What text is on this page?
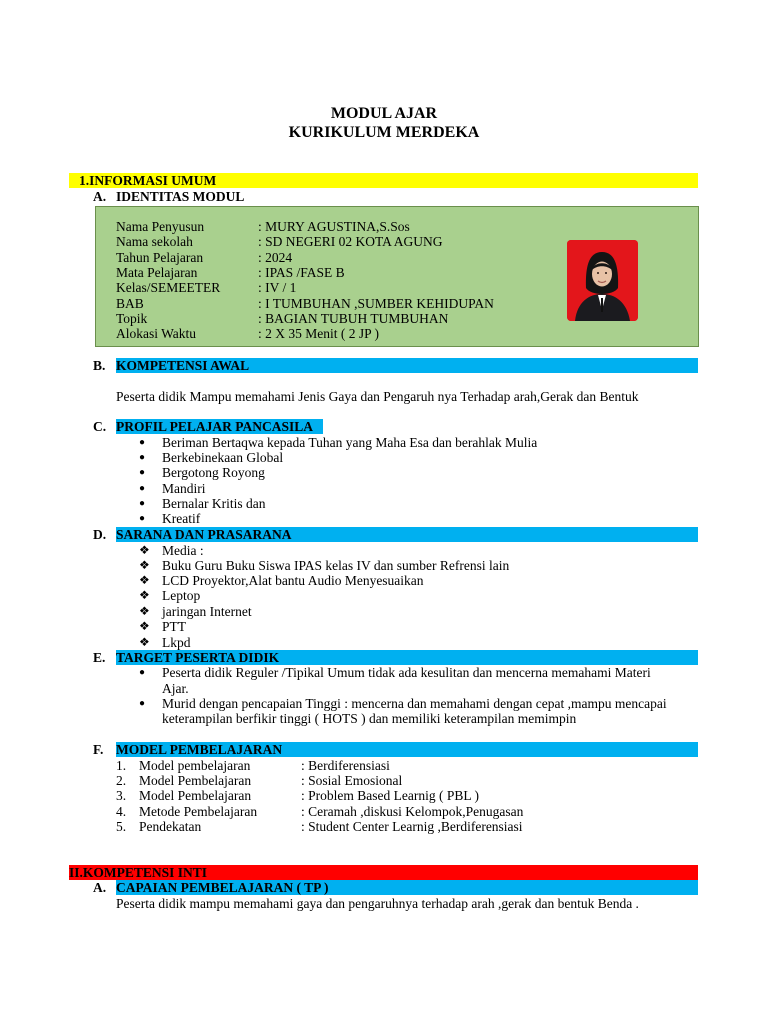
MODUL AJAR
KURIKULUM MERDEKA
1.INFORMASI UMUM
A. IDENTITAS MODUL
Nama Penyusun	: MURY AGUSTINA,S.Sos
Nama sekolah	: SD NEGERI 02 KOTA AGUNG
Tahun Pelajaran	: 2024
Mata Pelajaran	: IPAS /FASE B
Kelas/SEMEETER	: IV / 1
BAB	: I TUMBUHAN ,SUMBER KEHIDUPAN
Topik	: BAGIAN TUBUH TUMBUHAN
Alokasi Waktu	: 2 X 35 Menit ( 2 JP )
B. KOMPETENSI AWAL
Peserta didik Mampu memahami Jenis Gaya dan Pengaruh nya Terhadap arah,Gerak dan Bentuk
C. PROFIL PELAJAR PANCASILA
● Beriman Bertaqwa kepada Tuhan yang Maha Esa dan berahlak Mulia
● Berkebinekaan Global
● Bergotong Royong
● Mandiri
● Bernalar Kritis dan
● Kreatif
D. SARANA DAN PRASARANA
❖ Media :
❖ Buku Guru Buku Siswa IPAS kelas IV dan sumber Refrensi lain
❖ LCD Proyektor,Alat bantu Audio Menyesuaikan
❖ Leptop
❖ jaringan Internet
❖ PTT
❖ Lkpd
E. TARGET PESERTA DIDIK
● Peserta didik Reguler /Tipikal Umum tidak ada kesulitan dan mencerna memahami Materi
Ajar.
● Murid dengan pencapaian Tinggi : mencerna dan memahami dengan cepat ,mampu mencapai
keterampilan berfikir tinggi ( HOTS ) dan memiliki keterampilan memimpin
F. MODEL PEMBELAJARAN
1. Model pembelajaran	: Berdiferensiasi
2. Model Pembelajaran	: Sosial Emosional
3. Model Pembelajaran	: Problem Based Learnig ( PBL )
4. Metode Pembelajaran	: Ceramah ,diskusi Kelompok,Penugasan
5. Pendekatan	: Student Center Learnig ,Berdiferensiasi
II.KOMPETENSI INTI
A. CAPAIAN PEMBELAJARAN ( TP )
Peserta didik mampu memahami gaya dan pengaruhnya terhadap arah ,gerak dan bentuk Benda .
